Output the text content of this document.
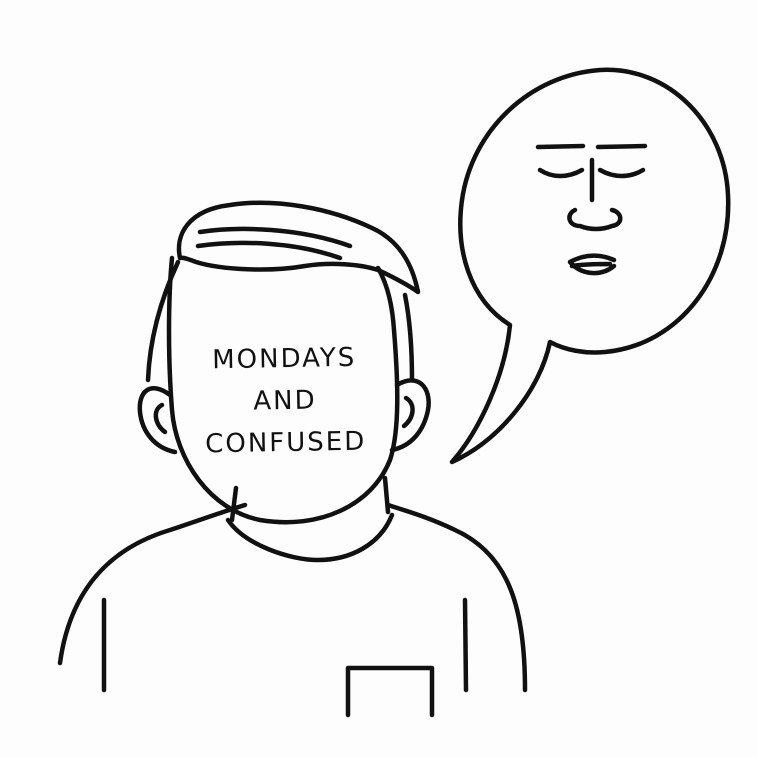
MONDAYS
AND
CONFUSED
